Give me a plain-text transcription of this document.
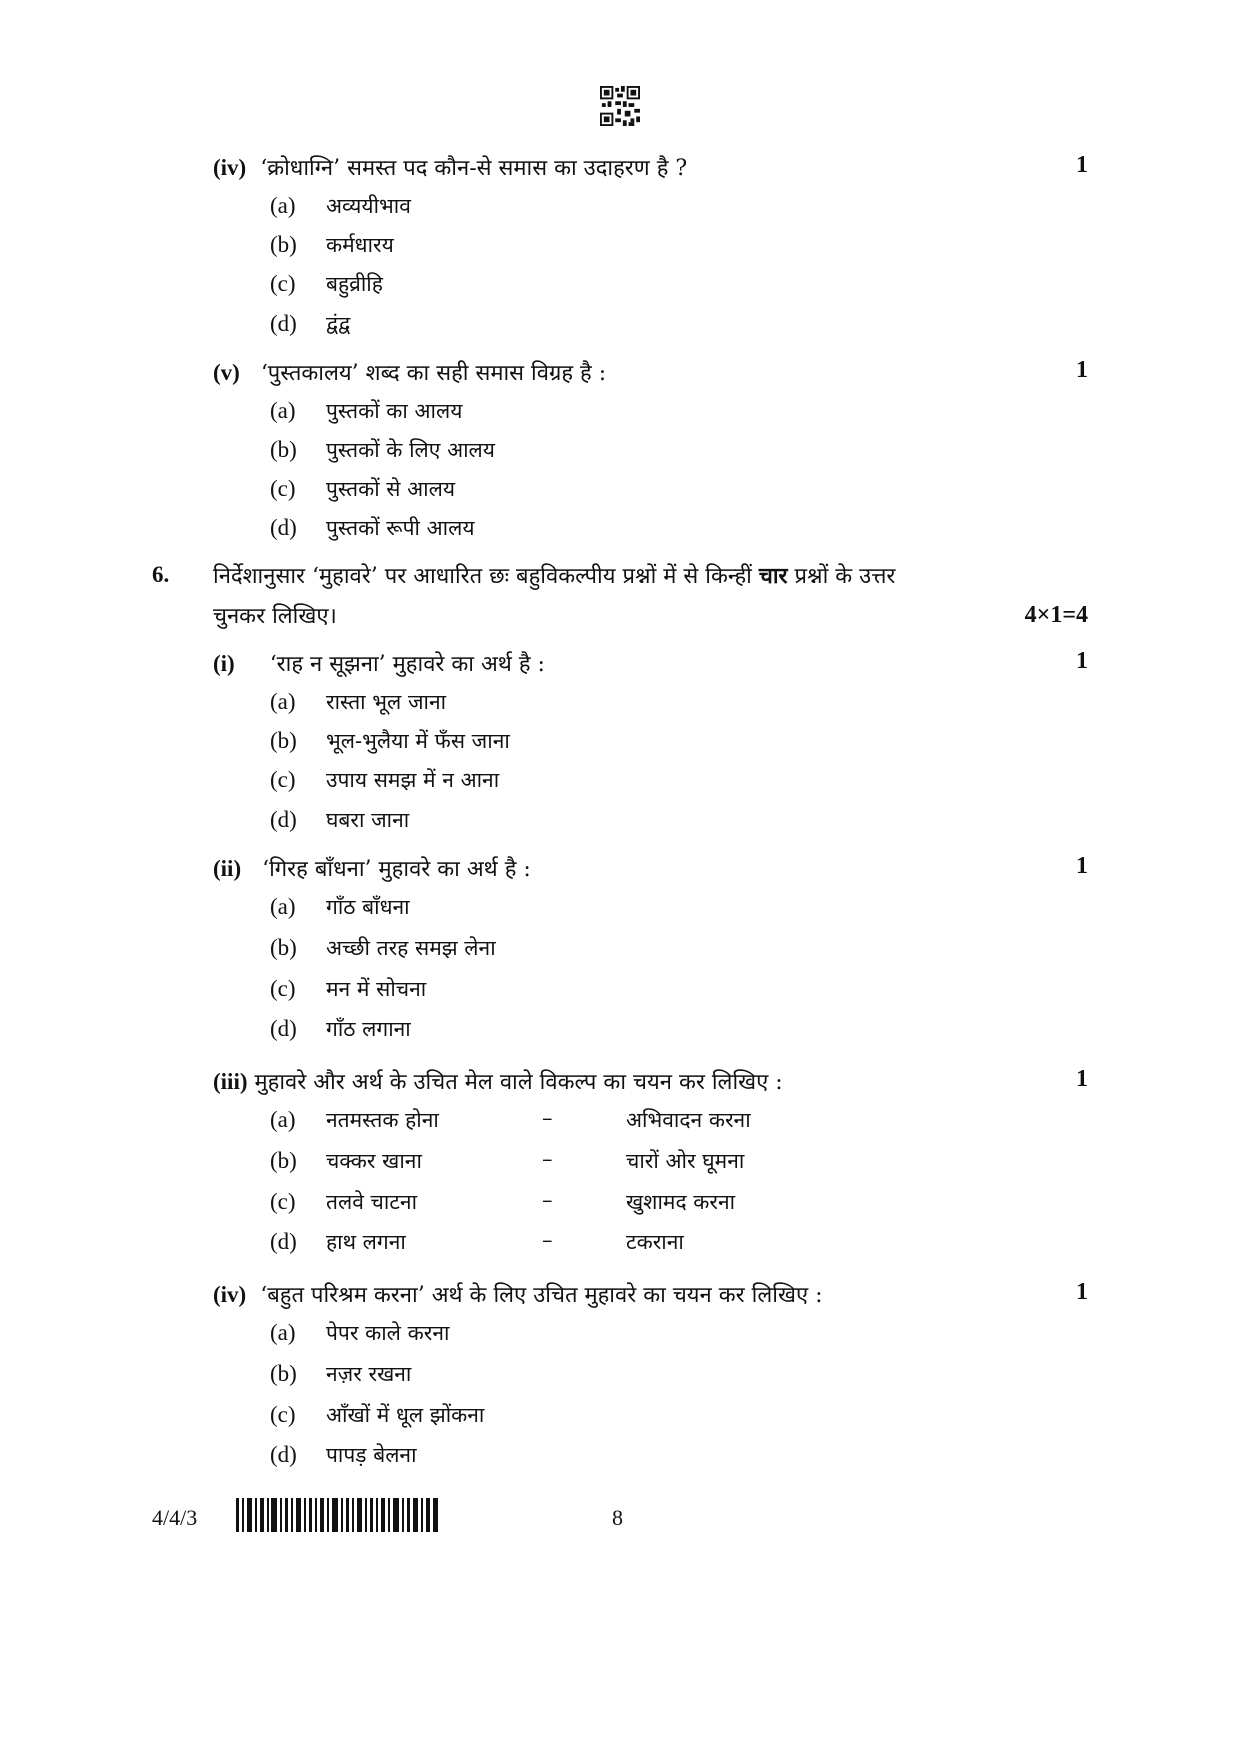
(iv) ‘क्रोधाग्नि’ समस्त पद कौन-से समास का उदाहरण है ?	1
(a) अव्ययीभाव
(b) कर्मधारय
(c) बहुव्रीहि
(d) द्वंद्व
(v) ‘पुस्तकालय’ शब्द का सही समास विग्रह है :	1
(a) पुस्तकों का आलय
(b) पुस्तकों के लिए आलय
(c) पुस्तकों से आलय
(d) पुस्तकों रूपी आलय
6. निर्देशानुसार ‘मुहावरे’ पर आधारित छः बहुविकल्पीय प्रश्नों में से किन्हीं चार प्रश्नों के उत्तर
चुनकर लिखिए।	4×1=4
(i) ‘राह न सूझना’ मुहावरे का अर्थ है :	1
(a) रास्ता भूल जाना
(b) भूल-भुलैया में फँस जाना
(c) उपाय समझ में न आना
(d) घबरा जाना
(ii) ‘गिरह बाँधना’ मुहावरे का अर्थ है :	1
(a) गाँठ बाँधना
(b) अच्छी तरह समझ लेना
(c) मन में सोचना
(d) गाँठ लगाना
(iii) मुहावरे और अर्थ के उचित मेल वाले विकल्प का चयन कर लिखिए :	1
(a) नतमस्तक होना	–	अभिवादन करना
(b) चक्कर खाना	–	चारों ओर घूमना
(c) तलवे चाटना	–	खुशामद करना
(d) हाथ लगना	–	टकराना
(iv) ‘बहुत परिश्रम करना’ अर्थ के लिए उचित मुहावरे का चयन कर लिखिए :	1
(a) पेपर काले करना
(b) नज़र रखना
(c) आँखों में धूल झोंकना
(d) पापड़ बेलना
4/4/3	8
